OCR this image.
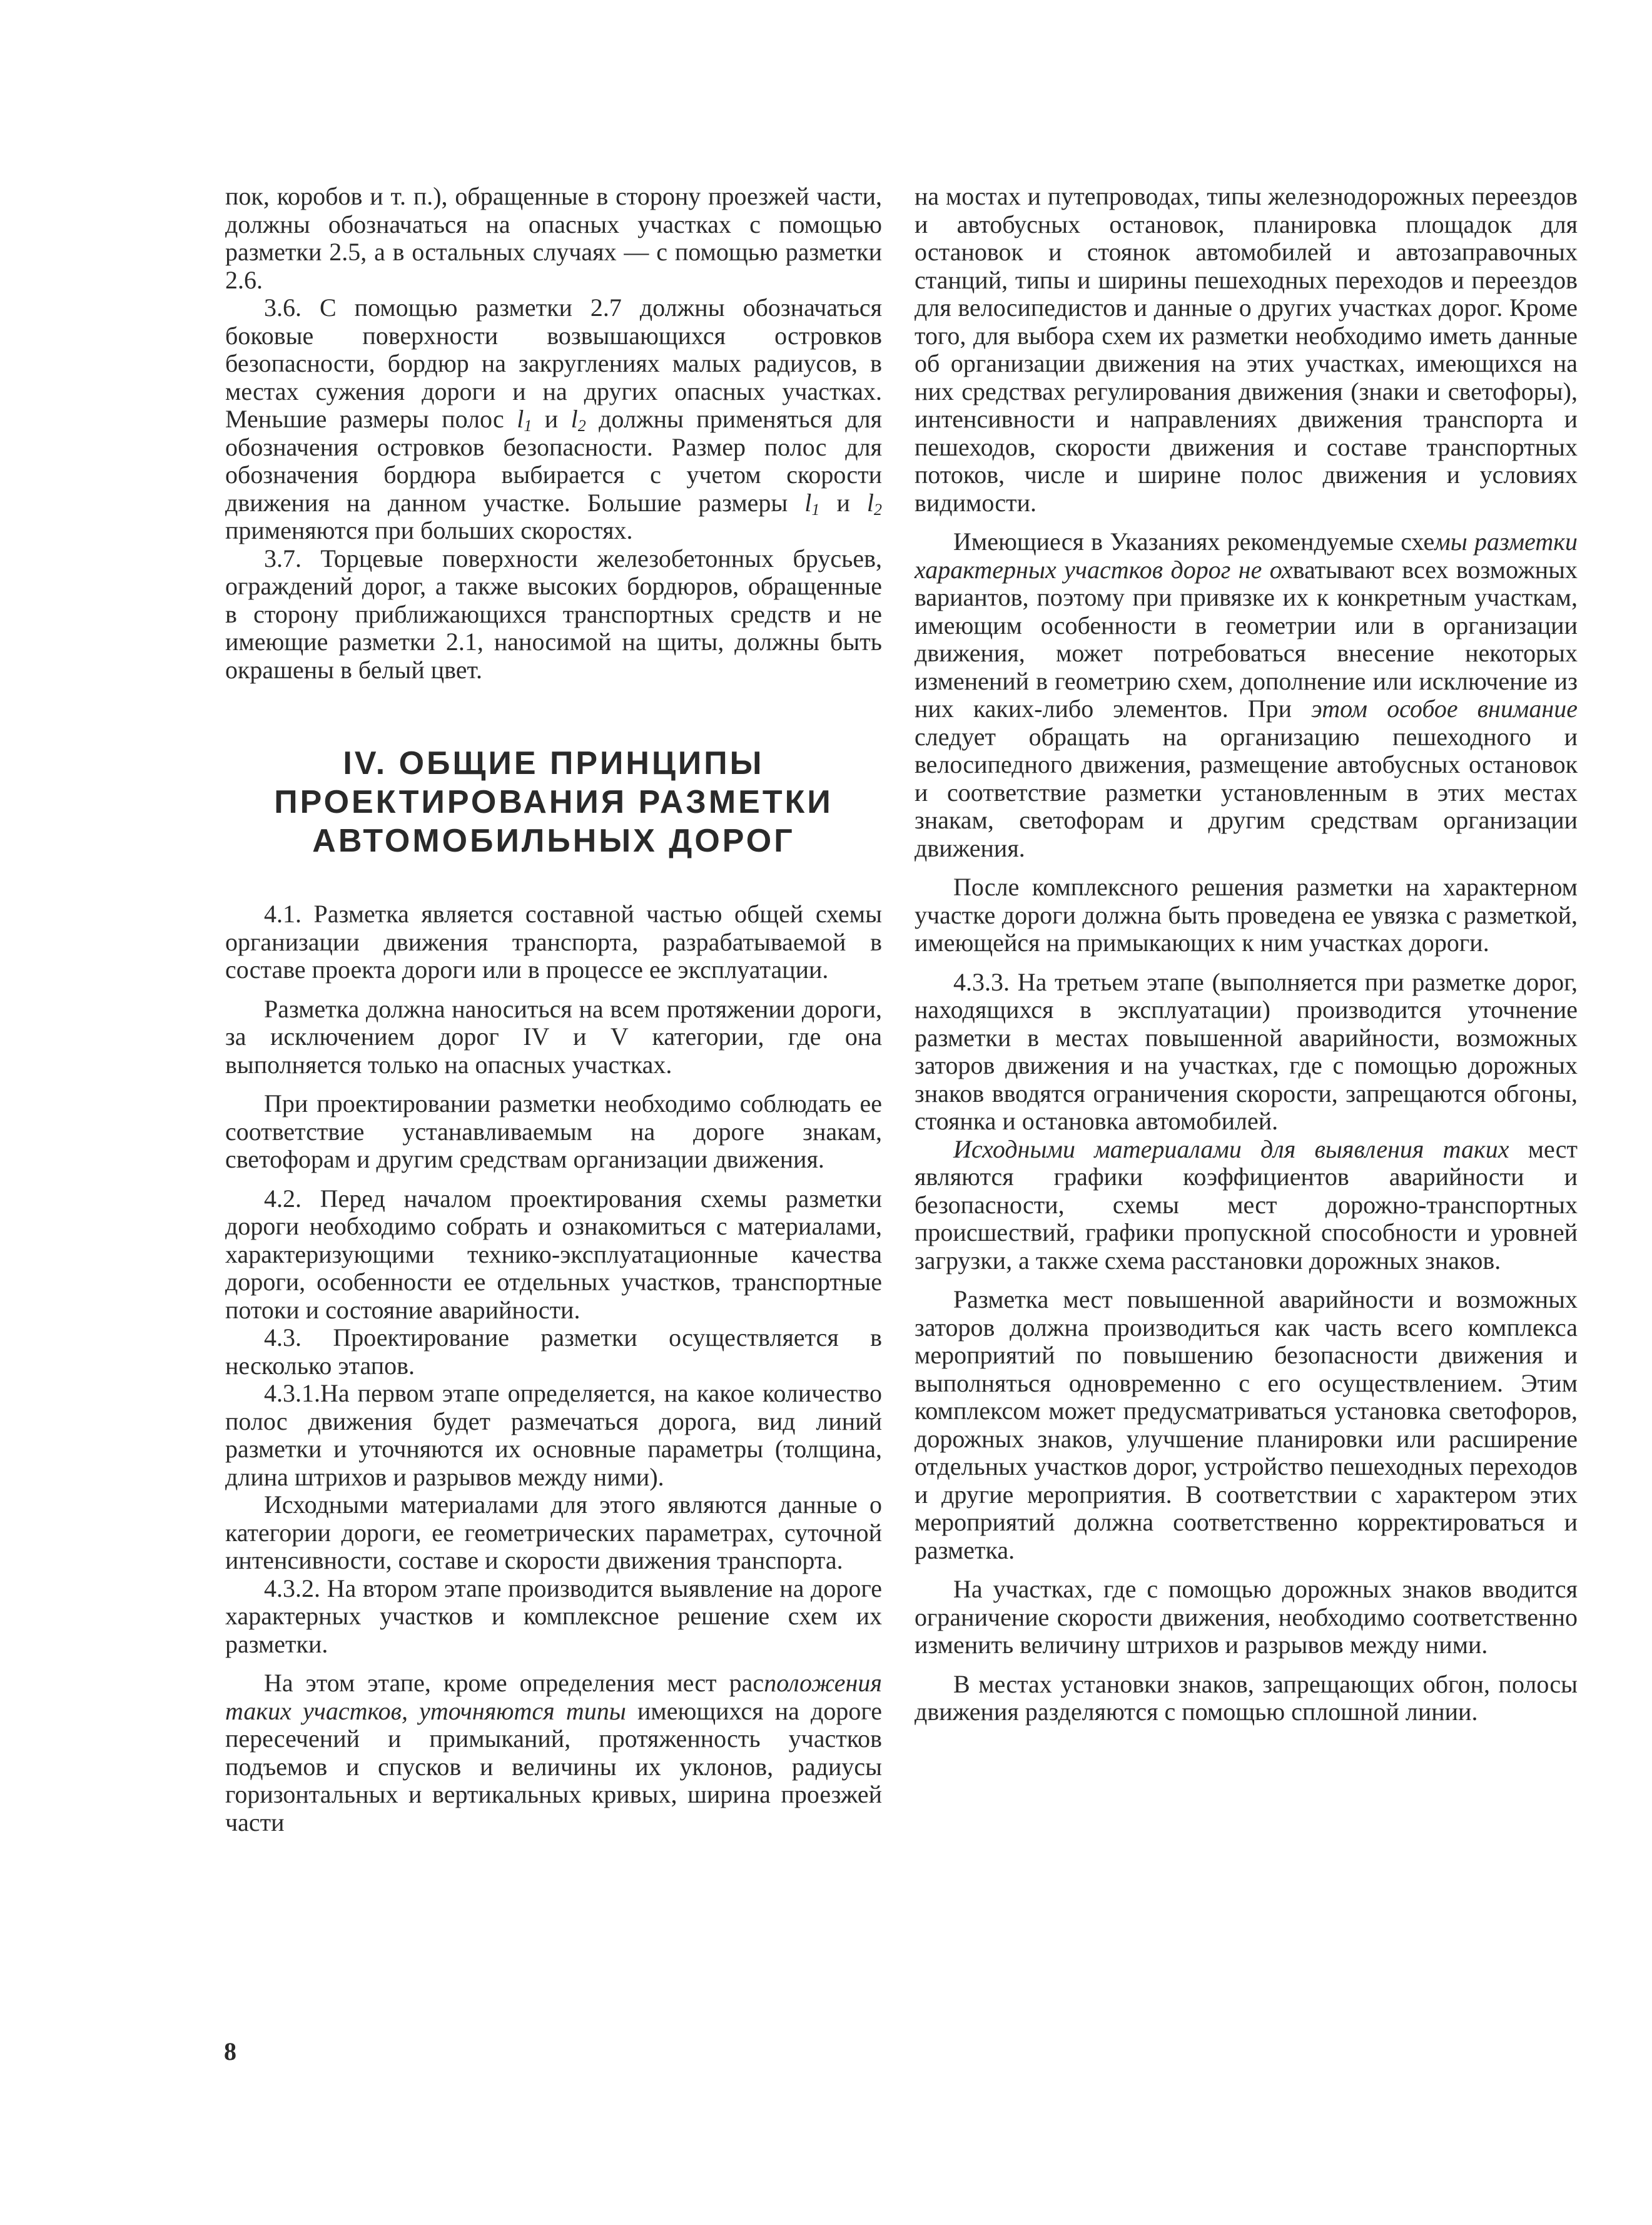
пок, коробов и т. п.), обращенные в сторону проезжей части, должны обозначаться на опасных участках с помощью разметки 2.5, а в остальных случаях — с помощью разметки 2.6.

3.6. С помощью разметки 2.7 должны обозначаться боковые поверхности возвышающихся островков безопасности, бордюр на закруглениях малых радиусов, в местах сужения дороги и на других опасных участках. Меньшие размеры полос $l_1$ и $l_2$ должны применяться для обозначения островков безопасности. Размер полос для обозначения бордюра выбирается с учетом скорости движения на данном участке. Большие размеры $l_1$ и $l_2$ применяются при больших скоростях.

3.7. Торцевые поверхности железобетонных брусьев, ограждений дорог, а также высоких бордюров, обращенные в сторону приближающихся транспортных средств и не имеющие разметки 2.1, наносимой на щиты, должны быть окрашены в белый цвет.

IV. ОБЩИЕ ПРИНЦИПЫ
ПРОЕКТИРОВАНИЯ РАЗМЕТКИ
АВТОМОБИЛЬНЫХ ДОРОГ

4.1. Разметка является составной частью общей схемы организации движения транспорта, разрабатываемой в составе проекта дороги или в процессе ее эксплуатации.

Разметка должна наноситься на всем протяжении дороги, за исключением дорог IV и V категории, где она выполняется только на опасных участках.

При проектировании разметки необходимо соблюдать ее соответствие устанавливаемым на дороге знакам, светофорам и другим средствам организации движения.

4.2. Перед началом проектирования схемы разметки дороги необходимо собрать и ознакомиться с материалами, характеризующими технико-эксплуатационные качества дороги, особенности ее отдельных участков, транспортные потоки и состояние аварийности.

4.3. Проектирование разметки осуществляется в несколько этапов.

4.3.1.На первом этапе определяется, на какое количество полос движения будет размечаться дорога, вид линий разметки и уточняются их основные параметры (толщина, длина штрихов и разрывов между ними).

Исходными материалами для этого являются данные о категории дороги, ее геометрических параметрах, суточной интенсивности, составе и скорости движения транспорта.

4.3.2. На втором этапе производится выявление на дороге характерных участков и комплексное решение схем их разметки.

На этом этапе, кроме определения мест расположения таких участков, уточняются типы имеющихся на дороге пересечений и примыканий, протяженность участков подъемов и спусков и величины их уклонов, радиусы горизонтальных и вертикальных кривых, ширина проезжей части

на мостах и путепроводах, типы железнодорожных переездов и автобусных остановок, планировка площадок для остановок и стоянок автомобилей и автозаправочных станций, типы и ширины пешеходных переходов и переездов для велосипедистов и данные о других участках дорог. Кроме того, для выбора схем их разметки необходимо иметь данные об организации движения на этих участках, имеющихся на них средствах регулирования движения (знаки и светофоры), интенсивности и направлениях движения транспорта и пешеходов, скорости движения и составе транспортных потоков, числе и ширине полос движения и условиях видимости.

Имеющиеся в Указаниях рекомендуемые схемы разметки характерных участков дорог не охватывают всех возможных вариантов, поэтому при привязке их к конкретным участкам, имеющим особенности в геометрии или в организации движения, может потребоваться внесение некоторых изменений в геометрию схем, дополнение или исключение из них каких-либо элементов. При этом особое внимание следует обращать на организацию пешеходного и велосипедного движения, размещение автобусных остановок и соответствие разметки установленным в этих местах знакам, светофорам и другим средствам организации движения.

После комплексного решения разметки на характерном участке дороги должна быть проведена ее увязка с разметкой, имеющейся на примыкающих к ним участках дороги.

4.3.3. На третьем этапе (выполняется при разметке дорог, находящихся в эксплуатации) производится уточнение разметки в местах повышенной аварийности, возможных заторов движения и на участках, где с помощью дорожных знаков вводятся ограничения скорости, запрещаются обгоны, стоянка и остановка автомобилей.

Исходными материалами для выявления таких мест являются графики коэффициентов аварийности и безопасности, схемы мест дорожно-транспортных происшествий, графики пропускной способности и уровней загрузки, а также схема расстановки дорожных знаков.

Разметка мест повышенной аварийности и возможных заторов должна производиться как часть всего комплекса мероприятий по повышению безопасности движения и выполняться одновременно с его осуществлением. Этим комплексом может предусматриваться установка светофоров, дорожных знаков, улучшение планировки или расширение отдельных участков дорог, устройство пешеходных переходов и другие мероприятия. В соответствии с характером этих мероприятий должна соответственно корректироваться и разметка.

На участках, где с помощью дорожных знаков вводится ограничение скорости движения, необходимо соответственно изменить величину штрихов и разрывов между ними.

В местах установки знаков, запрещающих обгон, полосы движения разделяются с помощью сплошной линии.

8
